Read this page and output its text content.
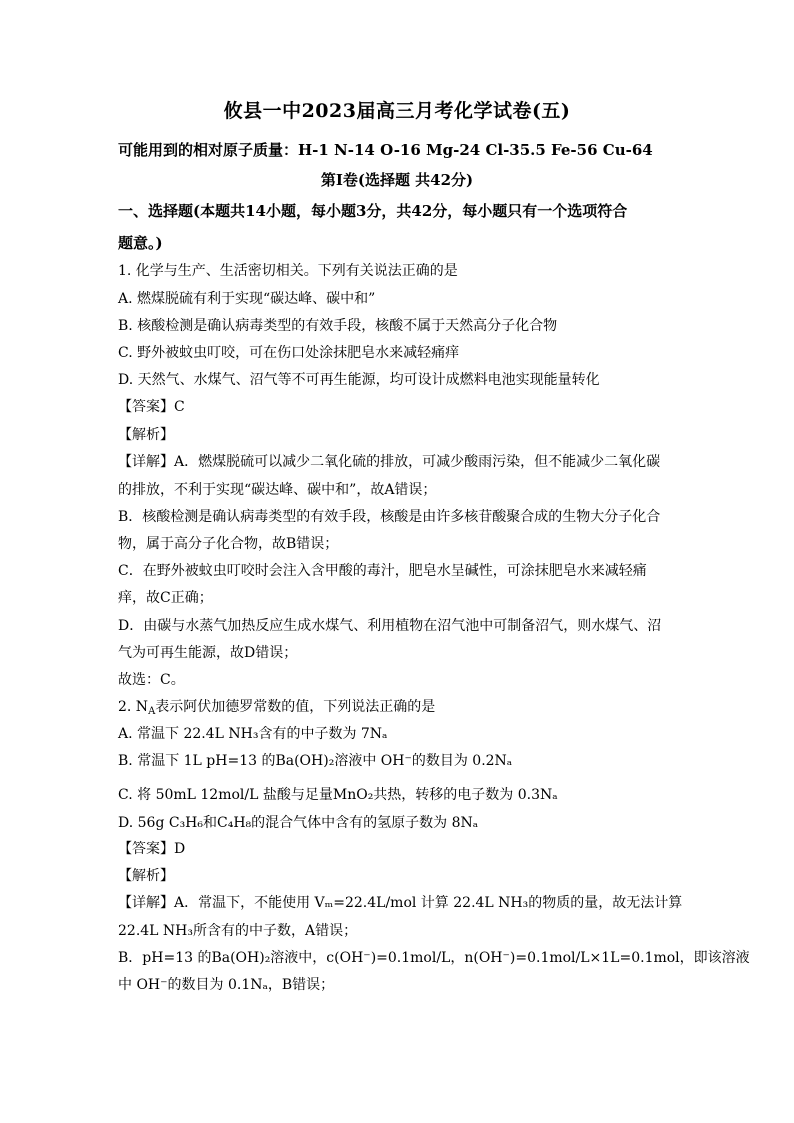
攸县一中2023届高三月考化学试卷(五)
可能用到的相对原子质量：H-1 N-14 O-16 Mg-24 Cl-35.5 Fe-56 Cu-64
第I卷(选择题 共42分)
一、选择题(本题共14小题，每小题3分，共42分，每小题只有一个选项符合
题意。)
1. 化学与生产、生活密切相关。下列有关说法正确的是
A. 燃煤脱硫有利于实现“碳达峰、碳中和”
B. 核酸检测是确认病毒类型的有效手段，核酸不属于天然高分子化合物
C. 野外被蚊虫叮咬，可在伤口处涂抹肥皂水来减轻痛痒
D. 天然气、水煤气、沼气等不可再生能源，均可设计成燃料电池实现能量转化
【答案】C
【解析】
【详解】A．燃煤脱硫可以减少二氧化硫的排放，可减少酸雨污染，但不能减少二氧化碳
的排放，不利于实现“碳达峰、碳中和”，故A错误；
B．核酸检测是确认病毒类型的有效手段，核酸是由许多核苷酸聚合成的生物大分子化合
物，属于高分子化合物，故B错误；
C．在野外被蚊虫叮咬时会注入含甲酸的毒汁，肥皂水呈碱性，可涂抹肥皂水来减轻痛
痒，故C正确；
D．由碳与水蒸气加热反应生成水煤气、利用植物在沼气池中可制备沼气，则水煤气、沼
气为可再生能源，故D错误；
故选：C。
2. $N_A$表示阿伏加德罗常数的值，下列说法正确的是
A. 常温下 22.4L NH₃含有的中子数为 7Nₐ
B. 常温下 1L pH=13 的Ba(OH)₂溶液中 OH⁻的数目为 0.2Nₐ
C. 将 50mL 12mol/L 盐酸与足量MnO₂共热，转移的电子数为 0.3Nₐ
D. 56g C₃H₆和C₄H₈的混合气体中含有的氢原子数为 8Nₐ
【答案】D
【解析】
【详解】A．常温下，不能使用 Vₘ=22.4L/mol 计算 22.4L NH₃的物质的量，故无法计算
22.4L NH₃所含有的中子数，A错误；
B．pH=13 的Ba(OH)₂溶液中，c(OH⁻)=0.1mol/L，n(OH⁻)=0.1mol/L×1L=0.1mol，即该溶液
中 OH⁻的数目为 0.1Nₐ，B错误；
